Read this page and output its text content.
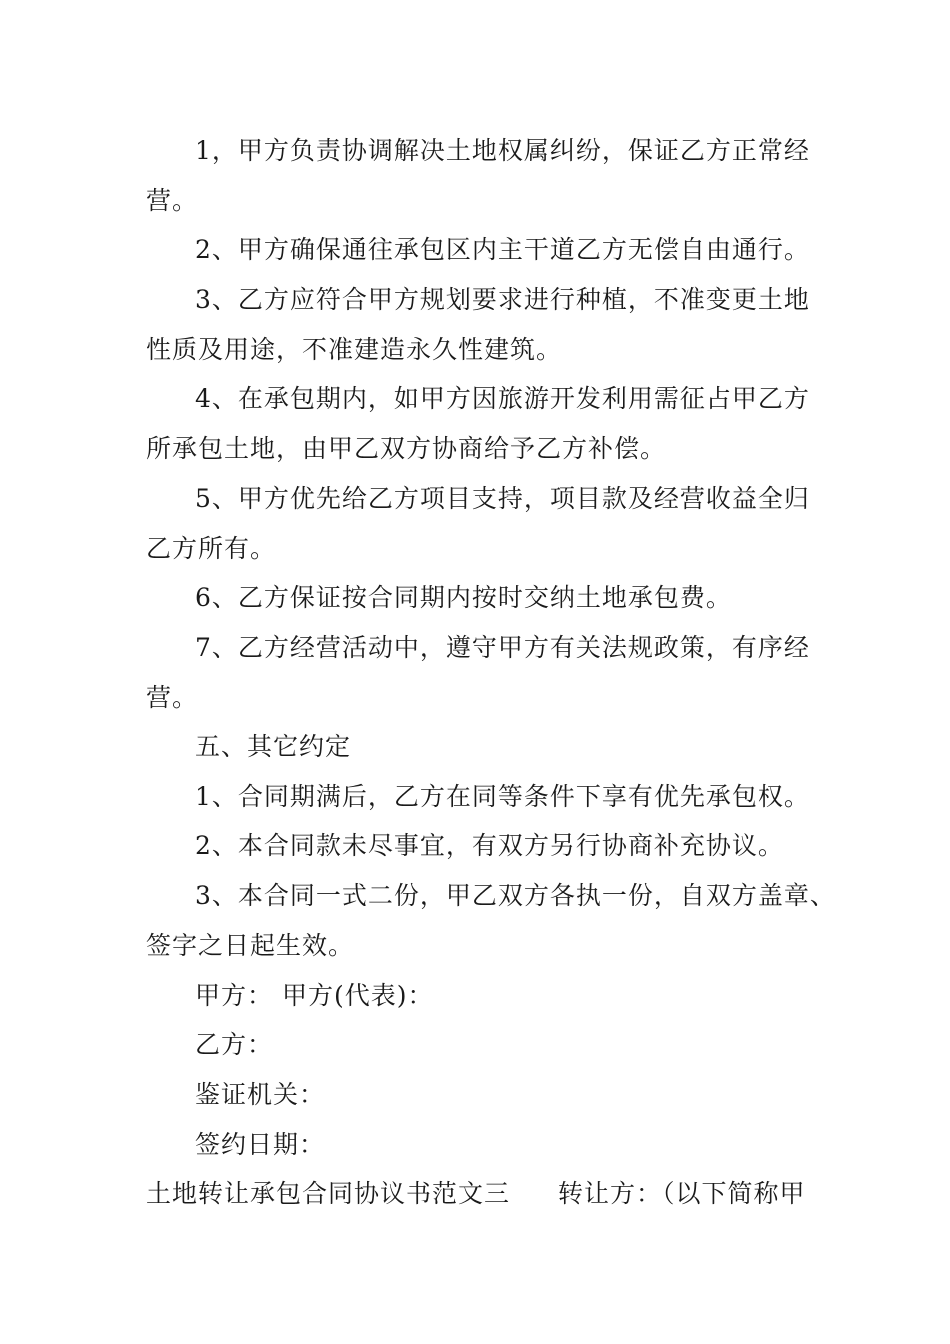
1，甲方负责协调解决土地权属纠纷，保证乙方正常经
营。
2、甲方确保通往承包区内主干道乙方无偿自由通行。
3、乙方应符合甲方规划要求进行种植，不准变更土地
性质及用途，不准建造永久性建筑。
4、在承包期内，如甲方因旅游开发利用需征占甲乙方
所承包土地，由甲乙双方协商给予乙方补偿。
5、甲方优先给乙方项目支持，项目款及经营收益全归
乙方所有。
6、乙方保证按合同期内按时交纳土地承包费。
7、乙方经营活动中，遵守甲方有关法规政策，有序经
营。
五、其它约定
1、合同期满后，乙方在同等条件下享有优先承包权。
2、本合同款未尽事宜，有双方另行协商补充协议。
3、本合同一式二份，甲乙双方各执一份，自双方盖章、
签字之日起生效。
甲方： 甲方(代表)：
乙方：
鉴证机关：
签约日期：
土地转让承包合同协议书范文三 转让方：（以下简称甲
